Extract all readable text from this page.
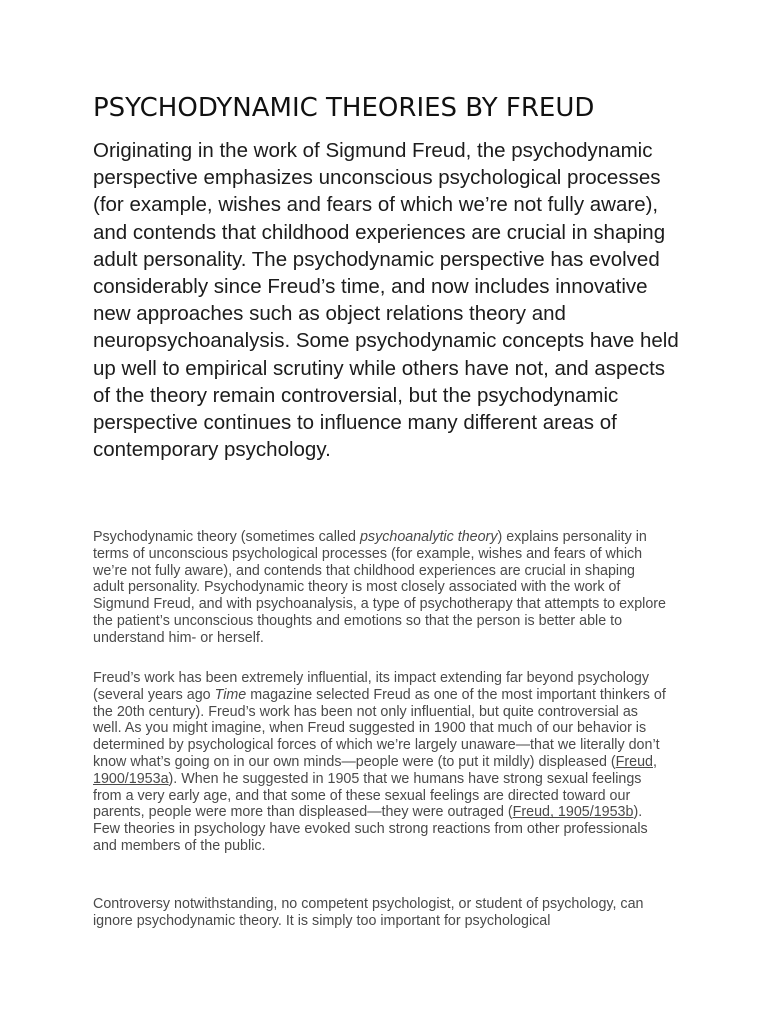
PSYCHODYNAMIC THEORIES BY FREUD

Originating in the work of Sigmund Freud, the psychodynamic perspective emphasizes unconscious psychological processes (for example, wishes and fears of which we’re not fully aware), and contends that childhood experiences are crucial in shaping adult personality. The psychodynamic perspective has evolved considerably since Freud’s time, and now includes innovative new approaches such as object relations theory and neuropsychoanalysis. Some psychodynamic concepts have held up well to empirical scrutiny while others have not, and aspects of the theory remain controversial, but the psychodynamic perspective continues to influence many different areas of contemporary psychology.

Psychodynamic theory (sometimes called psychoanalytic theory) explains personality in terms of unconscious psychological processes (for example, wishes and fears of which we’re not fully aware), and contends that childhood experiences are crucial in shaping adult personality. Psychodynamic theory is most closely associated with the work of Sigmund Freud, and with psychoanalysis, a type of psychotherapy that attempts to explore the patient’s unconscious thoughts and emotions so that the person is better able to understand him- or herself.

Freud’s work has been extremely influential, its impact extending far beyond psychology (several years ago Time magazine selected Freud as one of the most important thinkers of the 20th century). Freud’s work has been not only influential, but quite controversial as well. As you might imagine, when Freud suggested in 1900 that much of our behavior is determined by psychological forces of which we’re largely unaware—that we literally don’t know what’s going on in our own minds—people were (to put it mildly) displeased (Freud, 1900/1953a). When he suggested in 1905 that we humans have strong sexual feelings from a very early age, and that some of these sexual feelings are directed toward our parents, people were more than displeased—they were outraged (Freud, 1905/1953b). Few theories in psychology have evoked such strong reactions from other professionals and members of the public.

Controversy notwithstanding, no competent psychologist, or student of psychology, can ignore psychodynamic theory. It is simply too important for psychological
